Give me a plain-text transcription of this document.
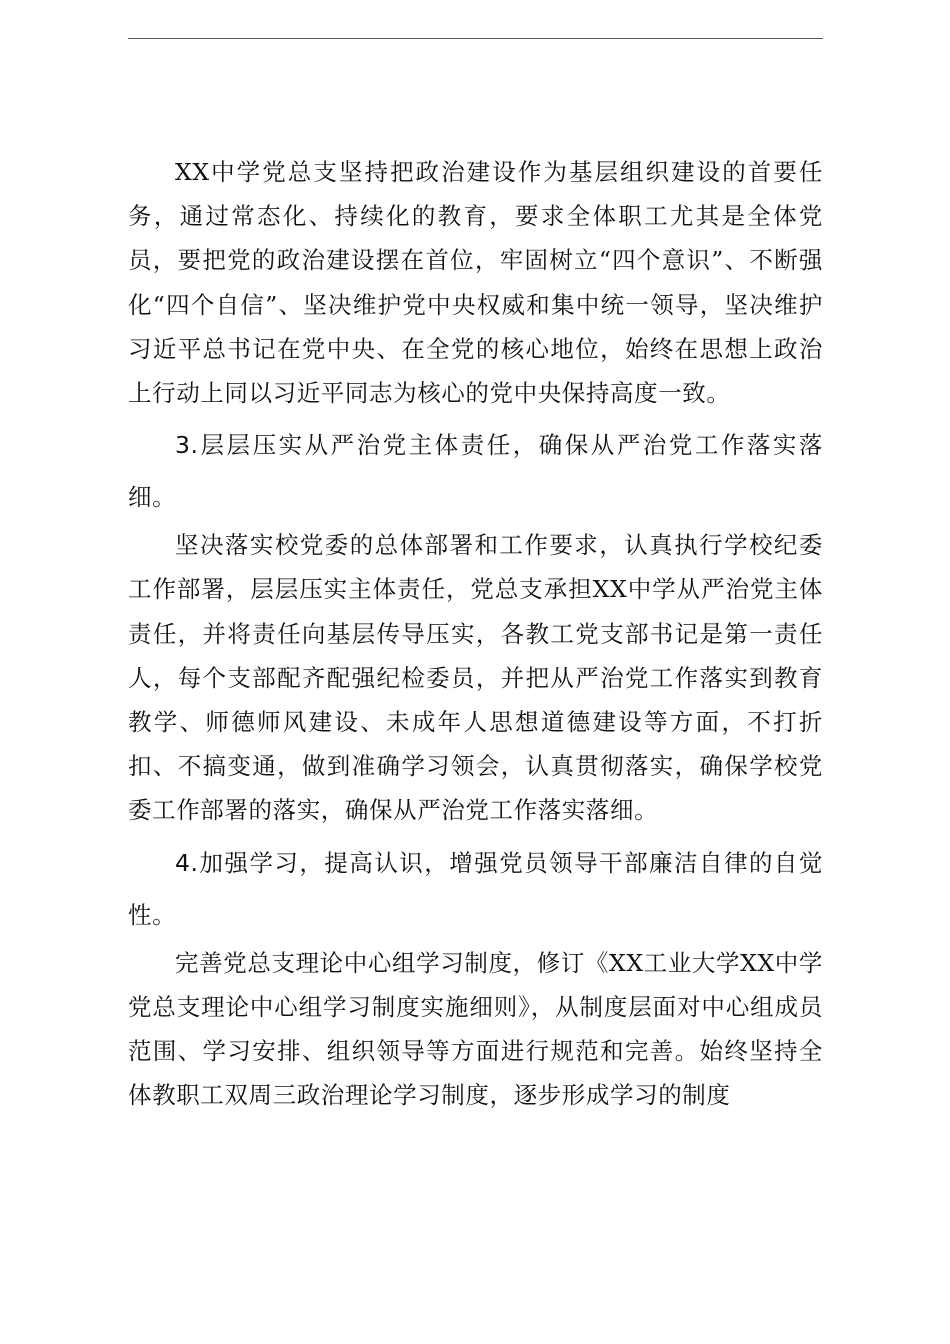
XX中学党总支坚持把政治建设作为基层组织建设的首要任务，通过常态化、持续化的教育，要求全体职工尤其是全体党员，要把党的政治建设摆在首位，牢固树立“四个意识”、不断强化“四个自信”、坚决维护党中央权威和集中统一领导，坚决维护习近平总书记在党中央、在全党的核心地位，始终在思想上政治上行动上同以习近平同志为核心的党中央保持高度一致。

3.层层压实从严治党主体责任，确保从严治党工作落实落细。

坚决落实校党委的总体部署和工作要求，认真执行学校纪委工作部署，层层压实主体责任，党总支承担XX中学从严治党主体责任，并将责任向基层传导压实，各教工党支部书记是第一责任人，每个支部配齐配强纪检委员，并把从严治党工作落实到教育教学、师德师风建设、未成年人思想道德建设等方面，不打折扣、不搞变通，做到准确学习领会，认真贯彻落实，确保学校党委工作部署的落实，确保从严治党工作落实落细。

4.加强学习，提高认识，增强党员领导干部廉洁自律的自觉性。

完善党总支理论中心组学习制度，修订《XX工业大学XX中学党总支理论中心组学习制度实施细则》，从制度层面对中心组成员范围、学习安排、组织领导等方面进行规范和完善。始终坚持全体教职工双周三政治理论学习制度，逐步形成学习的制度
